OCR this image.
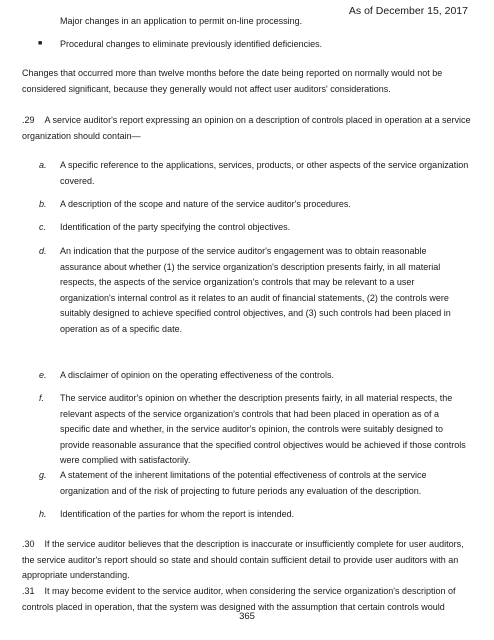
As of December 15, 2017

Major changes in an application to permit on-line processing.

■ Procedural changes to eliminate previously identified deficiencies.

Changes that occurred more than twelve months before the date being reported on normally would not be considered significant, because they generally would not affect user auditors' considerations.

.29 A service auditor's report expressing an opinion on a description of controls placed in operation at a service organization should contain—

a. A specific reference to the applications, services, products, or other aspects of the service organization covered.

b. A description of the scope and nature of the service auditor's procedures.

c. Identification of the party specifying the control objectives.

d. An indication that the purpose of the service auditor's engagement was to obtain reasonable assurance about whether (1) the service organization's description presents fairly, in all material respects, the aspects of the service organization's controls that may be relevant to a user organization's internal control as it relates to an audit of financial statements, (2) the controls were suitably designed to achieve specified control objectives, and (3) such controls had been placed in operation as of a specific date.

e. A disclaimer of opinion on the operating effectiveness of the controls.

f. The service auditor's opinion on whether the description presents fairly, in all material respects, the relevant aspects of the service organization's controls that had been placed in operation as of a specific date and whether, in the service auditor's opinion, the controls were suitably designed to provide reasonable assurance that the specified control objectives would be achieved if those controls were complied with satisfactorily.

g. A statement of the inherent limitations of the potential effectiveness of controls at the service organization and of the risk of projecting to future periods any evaluation of the description.

h. Identification of the parties for whom the report is intended.

.30 If the service auditor believes that the description is inaccurate or insufficiently complete for user auditors, the service auditor's report should so state and should contain sufficient detail to provide user auditors with an appropriate understanding.

.31 It may become evident to the service auditor, when considering the service organization's description of controls placed in operation, that the system was designed with the assumption that certain controls would

365
